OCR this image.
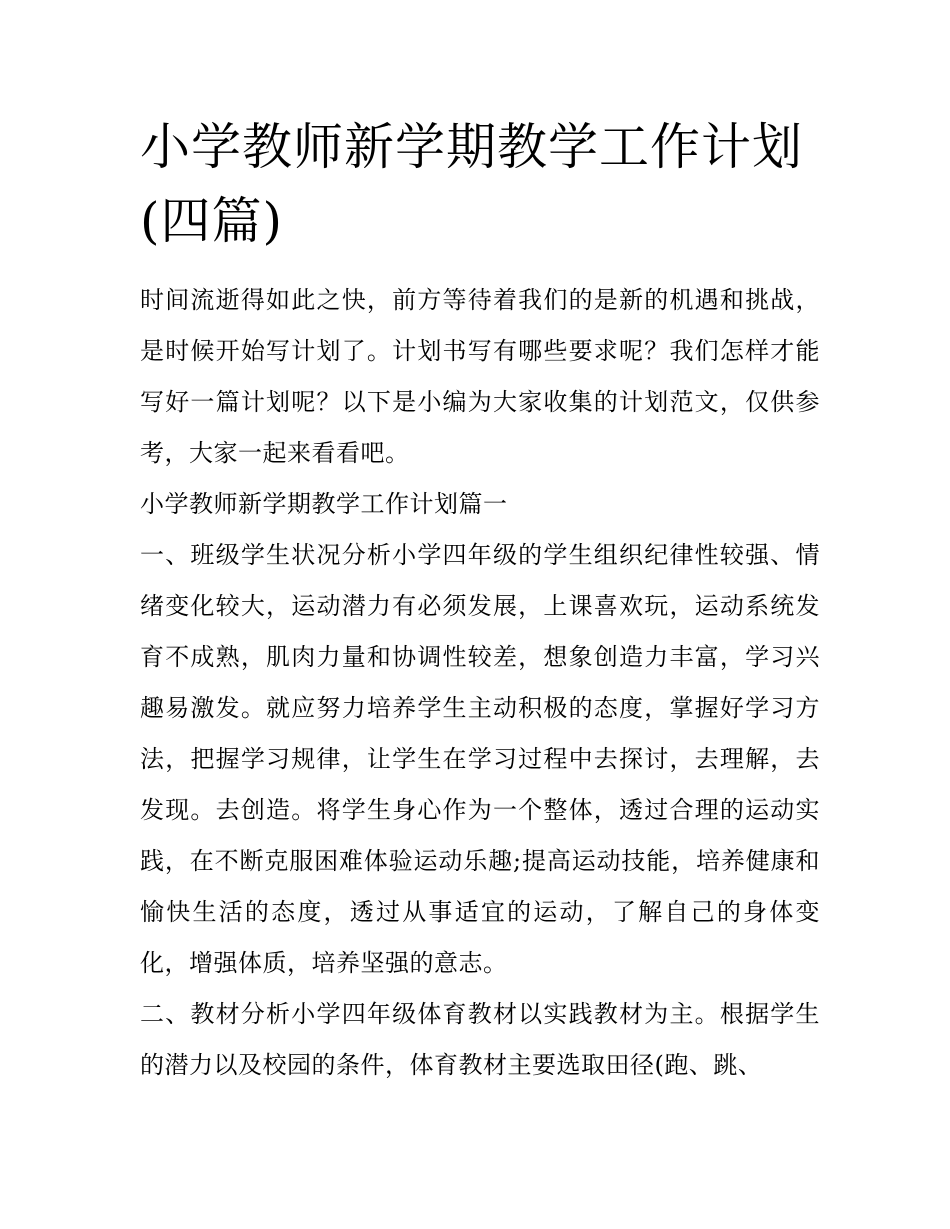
小学教师新学期教学工作计划(四篇)

时间流逝得如此之快，前方等待着我们的是新的机遇和挑战，是时候开始写计划了。计划书写有哪些要求呢？我们怎样才能写好一篇计划呢？以下是小编为大家收集的计划范文，仅供参考，大家一起来看看吧。

小学教师新学期教学工作计划篇一

一、班级学生状况分析小学四年级的学生组织纪律性较强、情绪变化较大，运动潜力有必须发展，上课喜欢玩，运动系统发育不成熟，肌肉力量和协调性较差，想象创造力丰富，学习兴趣易激发。就应努力培养学生主动积极的态度，掌握好学习方法，把握学习规律，让学生在学习过程中去探讨，去理解，去发现。去创造。将学生身心作为一个整体，透过合理的运动实践，在不断克服困难体验运动乐趣;提高运动技能，培养健康和愉快生活的态度，透过从事适宜的运动，了解自己的身体变化，增强体质，培养坚强的意志。

二、教材分析小学四年级体育教材以实践教材为主。根据学生的潜力以及校园的条件，体育教材主要选取田径(跑、跳、
